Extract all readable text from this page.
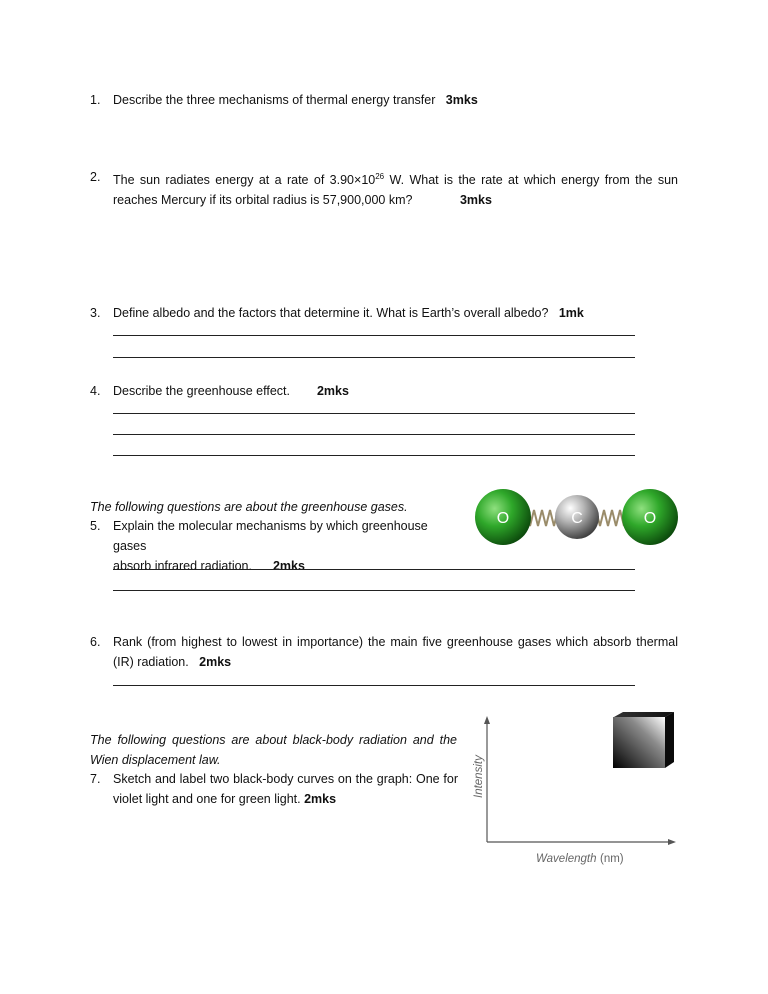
1. Describe the three mechanisms of thermal energy transfer 3mks
2. The sun radiates energy at a rate of $3.90\times 10^{26}$ W. What is the rate at which energy from the sun reaches Mercury if its orbital radius is 57,900,000 km?	3mks
3. Define albedo and the factors that determine it. What is Earth’s overall albedo? 1mk
4. Describe the greenhouse effect. 2mks
The following questions are about the greenhouse gases.
5. Explain the molecular mechanisms by which greenhouse gases
absorb infrared radiation. 2mks
O	C	O
6. Rank (from highest to lowest in importance) the main five greenhouse gases which absorb thermal (IR) radiation. 2mks
The following questions are about black-body radiation and the
Wien displacement law.
7. Sketch and label two black-body curves on the graph: One for
violet light and one for green light. 2mks
Intensity
Wavelength (nm)
